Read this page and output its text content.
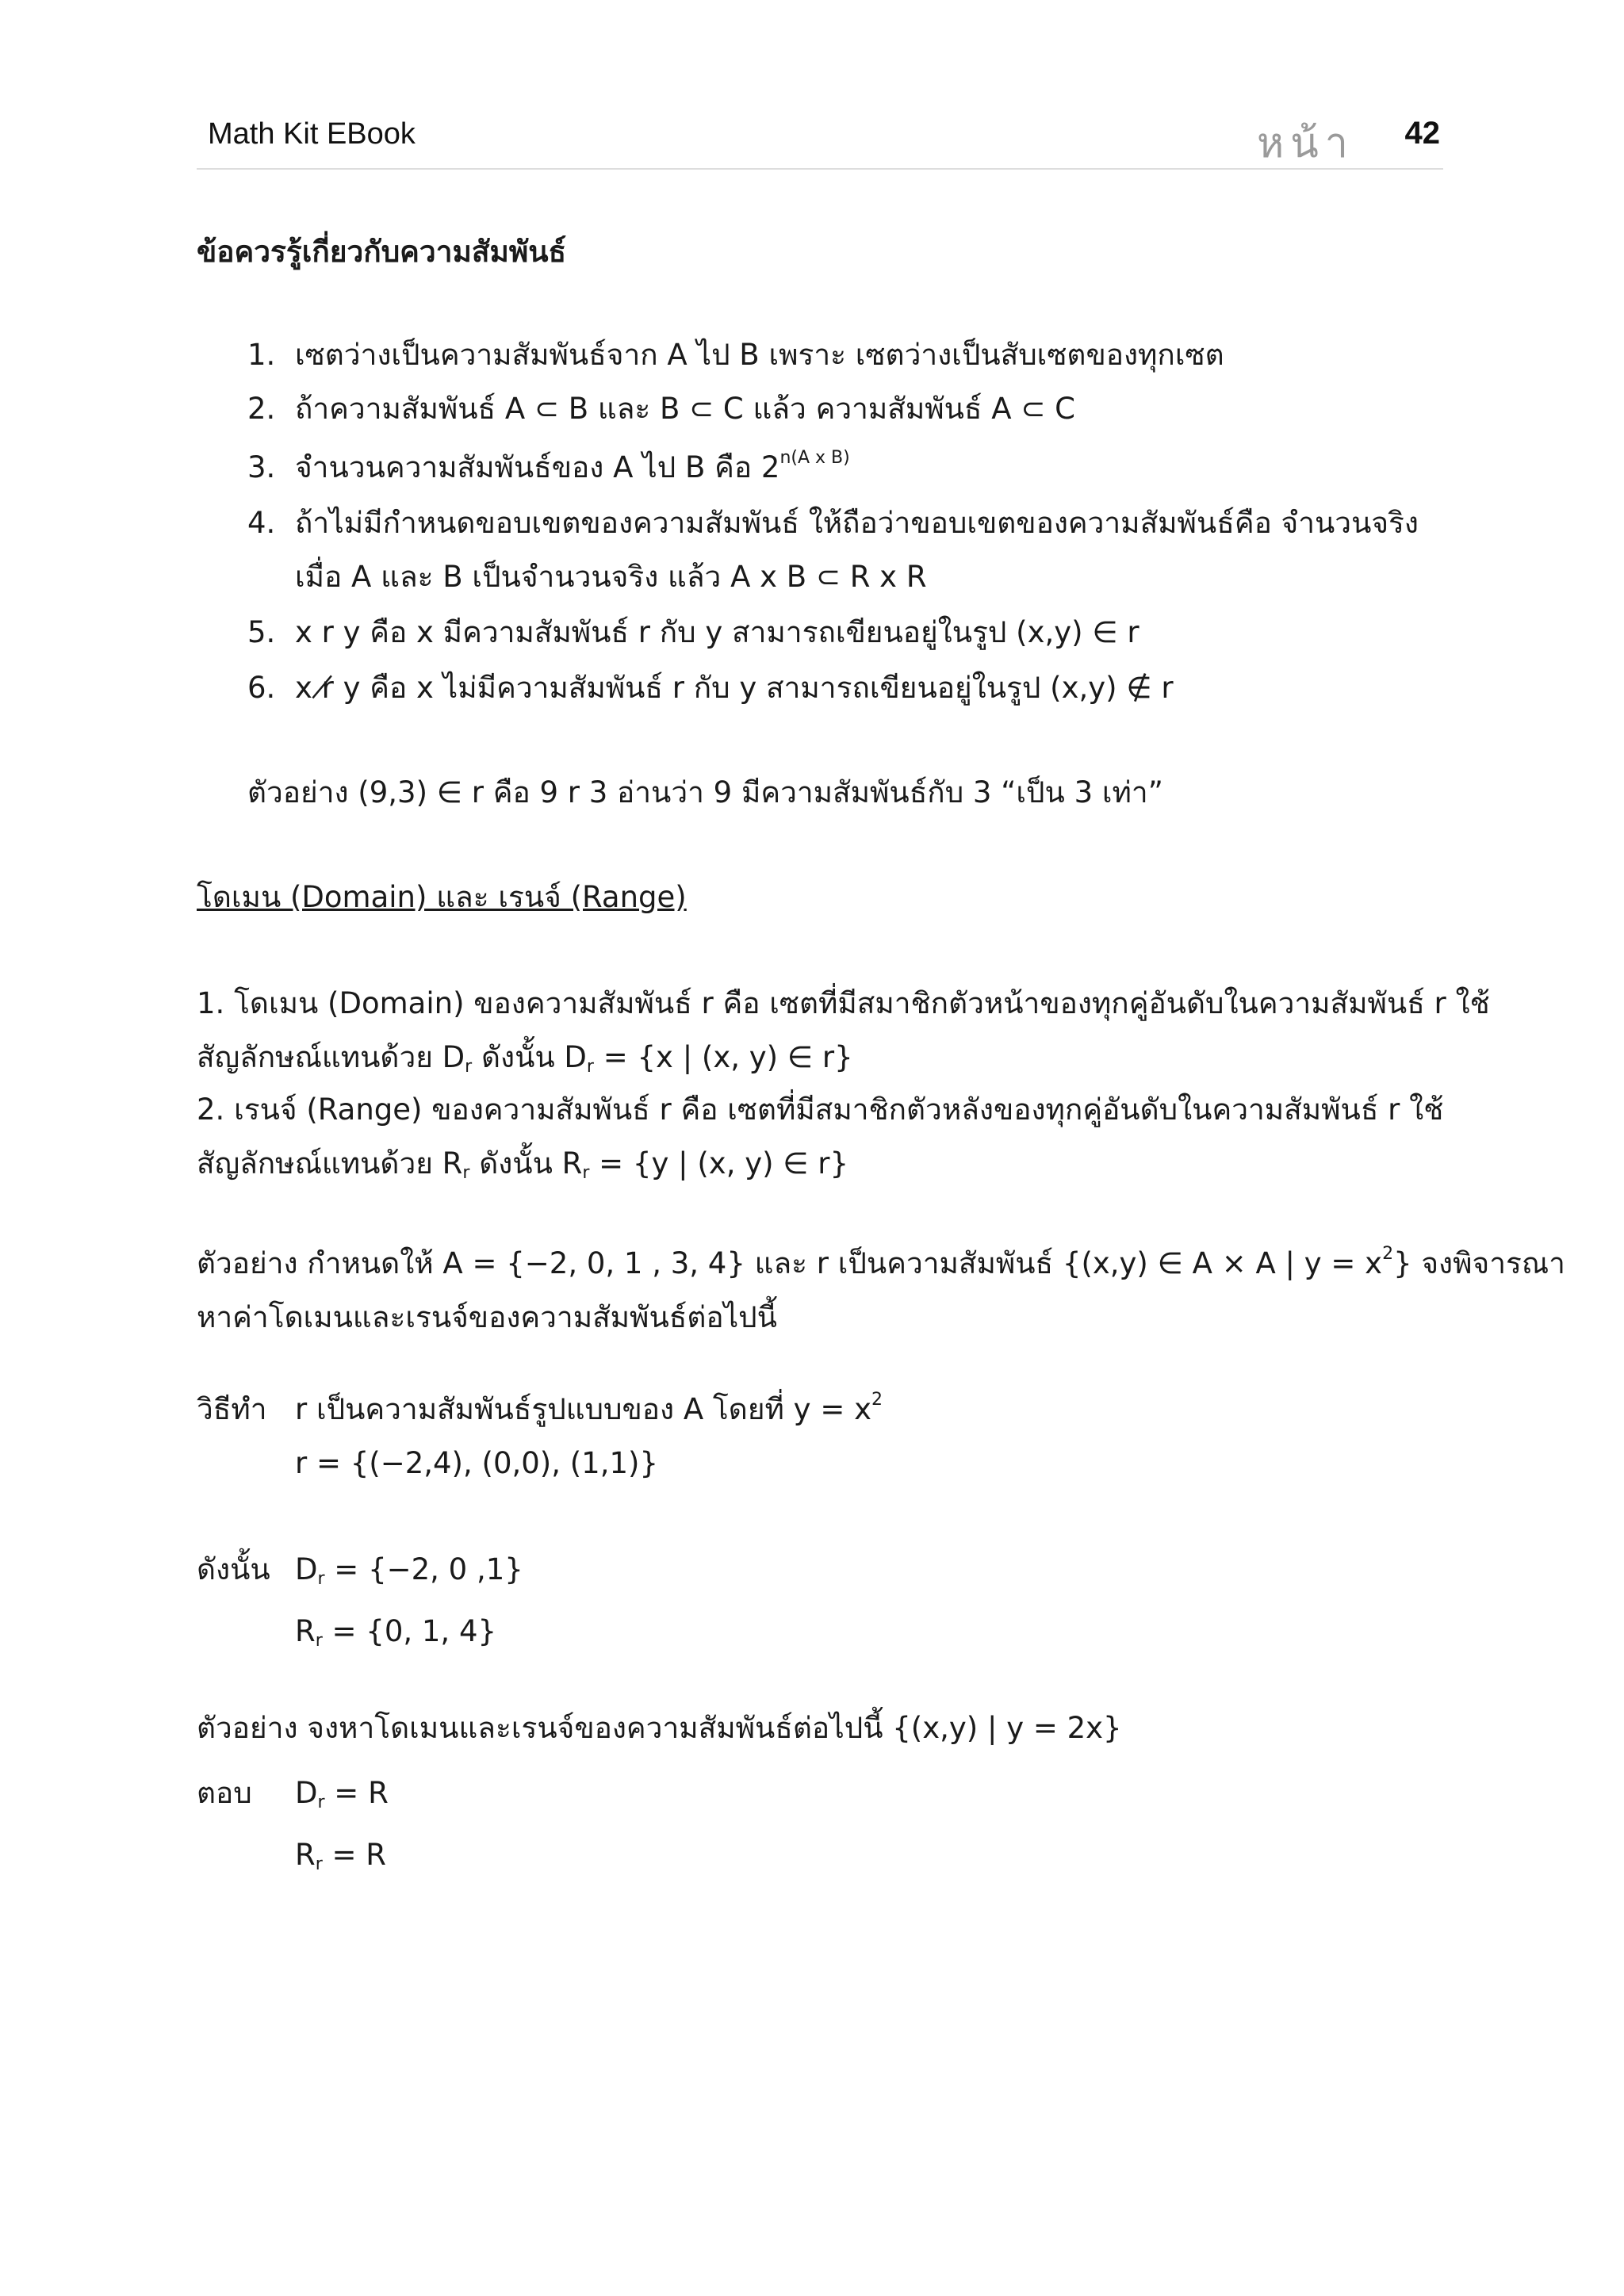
Math Kit EBook	หน้า 42
ข้อควรรู้เกี่ยวกับความสัมพันธ์
1. เซตว่างเป็นความสัมพันธ์จาก A ไป B เพราะ เซตว่างเป็นสับเซตของทุกเซต
2. ถ้าความสัมพันธ์ A ⊂ B และ B ⊂ C แล้ว ความสัมพันธ์ A ⊂ C
3. จำนวนความสัมพันธ์ของ A ไป B คือ $2^{n(A x B)}$
4. ถ้าไม่มีกำหนดขอบเขตของความสัมพันธ์ ให้ถือว่าขอบเขตของความสัมพันธ์คือ จำนวนจริง
เมื่อ A และ B เป็นจำนวนจริง แล้ว A x B ⊂ R x R
5. x r y คือ x มีความสัมพันธ์ r กับ y สามารถเขียนอยู่ในรูป (x,y) ∈ r
6. x r̸ y คือ x ไม่มีความสัมพันธ์ r กับ y สามารถเขียนอยู่ในรูป (x,y) ∉ r
ตัวอย่าง (9,3) ∈ r คือ 9 r 3 อ่านว่า 9 มีความสัมพันธ์กับ 3 “เป็น 3 เท่า”
โดเมน (Domain) และ เรนจ์ (Range)
1. โดเมน (Domain) ของความสัมพันธ์ r คือ เซตที่มีสมาชิกตัวหน้าของทุกคู่อันดับในความสัมพันธ์ r ใช้
สัญลักษณ์แทนด้วย $D_r$ ดังนั้น $D_r = \{x$ | (x, y) ∈ r}
2. เรนจ์ (Range) ของความสัมพันธ์ r คือ เซตที่มีสมาชิกตัวหลังของทุกคู่อันดับในความสัมพันธ์ r ใช้
สัญลักษณ์แทนด้วย $R_r$ ดังนั้น $R_r = \{y$ | (x, y) ∈ r}
ตัวอย่าง กำหนดให้ A = {−2, 0, 1 , 3, 4} และ r เป็นความสัมพันธ์ {(x,y) ∈ A × A | $y = x^2$} จงพิจารณา
หาค่าโดเมนและเรนจ์ของความสัมพันธ์ต่อไปนี้
วิธีทำ r เป็นความสัมพันธ์รูปแบบของ A โดยที่ $y = x^2$
r = {(−2,4), (0,0), (1,1)}
ดังนั้น $D_r = \{-2$, 0 ,1}
$R_r = \{0$, 1, 4}
ตัวอย่าง จงหาโดเมนและเรนจ์ของความสัมพันธ์ต่อไปนี้ {(x,y) | y = 2x}
ตอบ $D_r = R$
$R_r = R$
